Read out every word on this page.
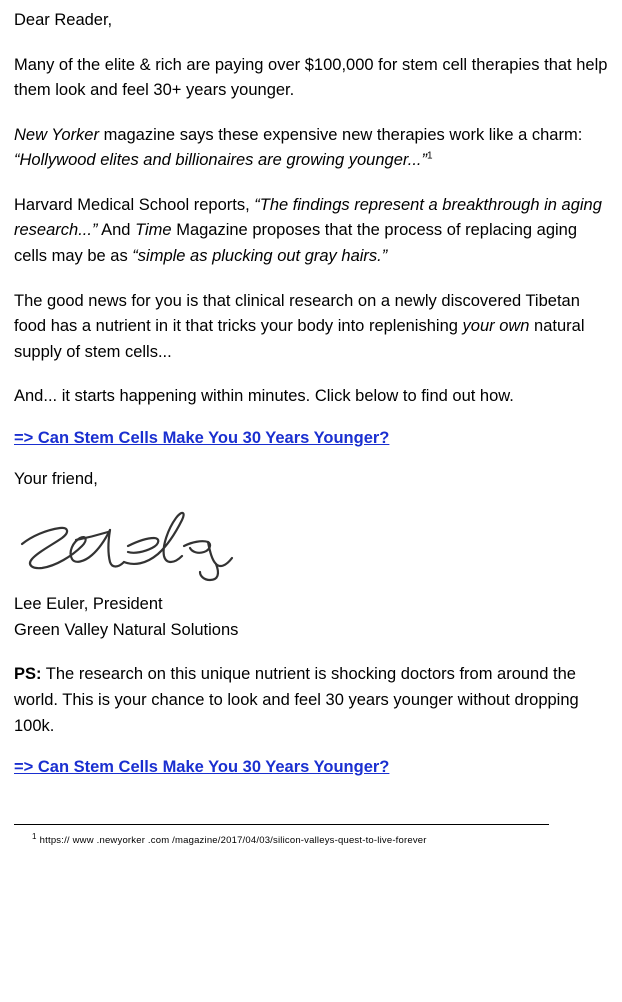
Dear Reader,

Many of the elite & rich are paying over $100,000 for stem cell therapies that help them look and feel 30+ years younger.

New Yorker magazine says these expensive new therapies work like a charm: “Hollywood elites and billionaires are growing younger...”$^1$

Harvard Medical School reports, “The findings represent a breakthrough in aging research...” And Time Magazine proposes that the process of replacing aging cells may be as “simple as plucking out gray hairs.”

The good news for you is that clinical research on a newly discovered Tibetan food has a nutrient in it that tricks your body into replenishing your own natural supply of stem cells...

And... it starts happening within minutes. Click below to find out how.

=> Can Stem Cells Make You 30 Years Younger?

Your friend,

Lee Euler, President
Green Valley Natural Solutions

PS: The research on this unique nutrient is shocking doctors from around the world. This is your chance to look and feel 30 years younger without dropping 100k.

=> Can Stem Cells Make You 30 Years Younger?
$^1$ https:// www .newyorker .com /magazine/2017/04/03/silicon-valleys-quest-to-live-forever
